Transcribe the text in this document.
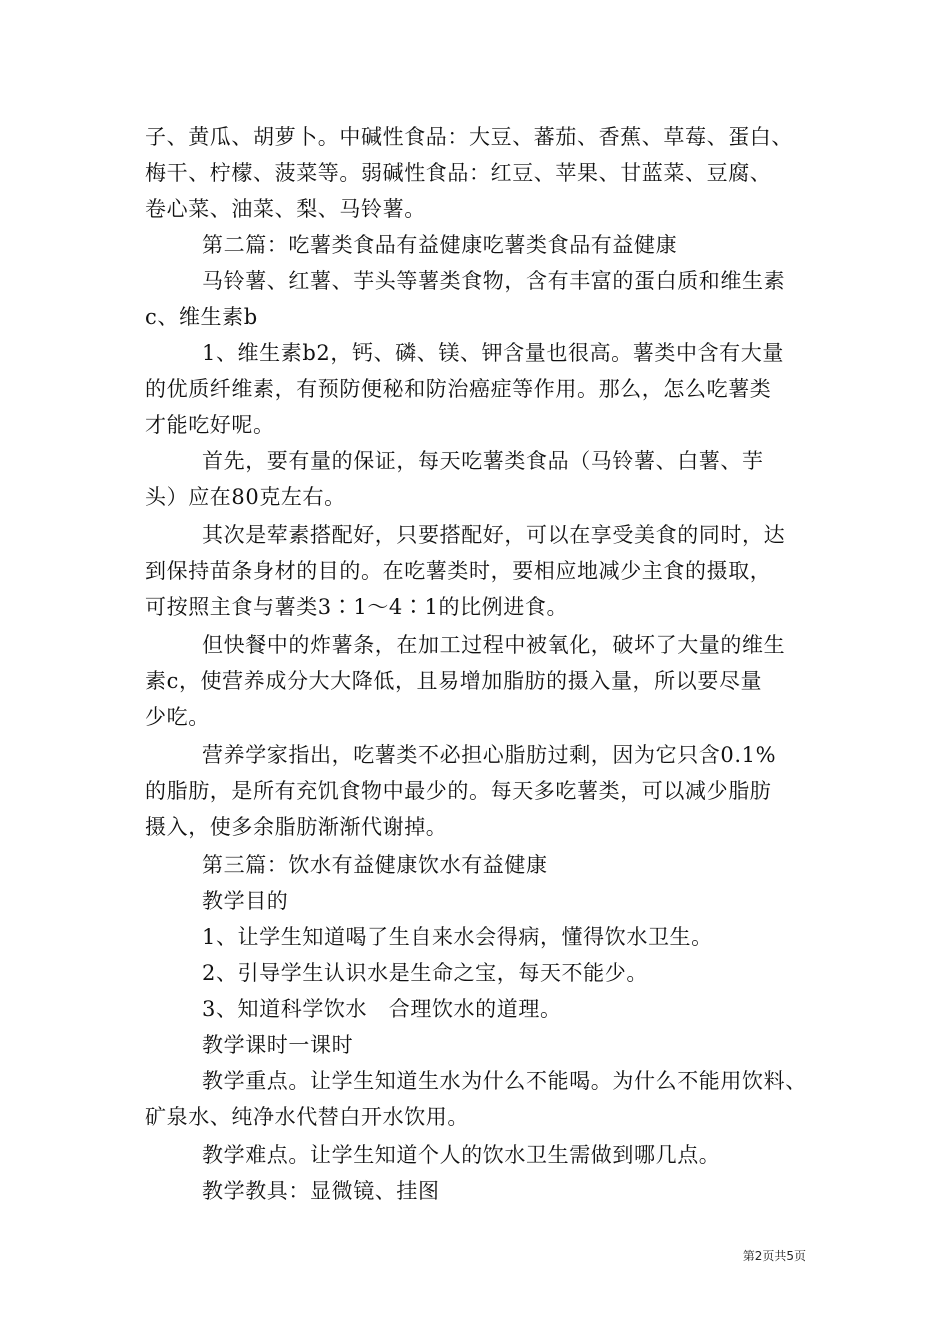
子、黄瓜、胡萝卜。中碱性食品：大豆、蕃茄、香蕉、草莓、蛋白、
梅干、柠檬、菠菜等。弱碱性食品：红豆、苹果、甘蓝菜、豆腐、
卷心菜、油菜、梨、马铃薯。
第二篇：吃薯类食品有益健康吃薯类食品有益健康
马铃薯、红薯、芋头等薯类食物，含有丰富的蛋白质和维生素
c、维生素b
1、维生素b2，钙、磷、镁、钾含量也很高。薯类中含有大量
的优质纤维素，有预防便秘和防治癌症等作用。那么，怎么吃薯类
才能吃好呢。
首先，要有量的保证，每天吃薯类食品（马铃薯、白薯、芋
头）应在80克左右。
其次是荤素搭配好，只要搭配好，可以在享受美食的同时，达
到保持苗条身材的目的。在吃薯类时，要相应地减少主食的摄取，
可按照主食与薯类3∶1～4∶1的比例进食。
但快餐中的炸薯条，在加工过程中被氧化，破坏了大量的维生
素c，使营养成分大大降低，且易增加脂肪的摄入量，所以要尽量
少吃。
营养学家指出，吃薯类不必担心脂肪过剩，因为它只含0.1%
的脂肪，是所有充饥食物中最少的。每天多吃薯类，可以减少脂肪
摄入，使多余脂肪渐渐代谢掉。
第三篇：饮水有益健康饮水有益健康
教学目的
1、让学生知道喝了生自来水会得病，懂得饮水卫生。
2、引导学生认识水是生命之宝，每天不能少。
3、知道科学饮水　合理饮水的道理。
教学课时一课时
教学重点。让学生知道生水为什么不能喝。为什么不能用饮料、
矿泉水、纯净水代替白开水饮用。
教学难点。让学生知道个人的饮水卫生需做到哪几点。
教学教具：显微镜、挂图
第2页共5页
